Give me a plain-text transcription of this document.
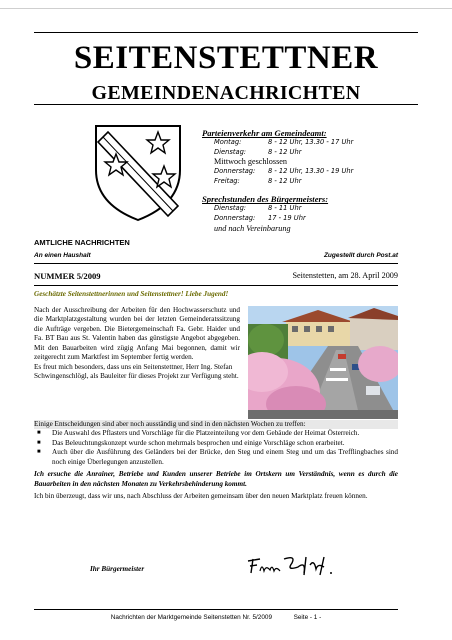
SEITENSTETTNER
GEMEINDENACHRICHTEN
Parteienverkehr am Gemeindeamt:
Montag:	8 - 12 Uhr, 13.30 - 17 Uhr
Dienstag:	8 - 12 Uhr
Mittwoch geschlossen
Donnerstag: 8 - 12 Uhr, 13.30 - 19 Uhr
Freitag:	8 - 12 Uhr
Sprechstunden des Bürgermeisters:
Dienstag:	8 - 11 Uhr
Donnerstag: 17 - 19 Uhr
und nach Vereinbarung
AMTLICHE NACHRICHTEN
An einen Haushalt	Zugestellt durch Post.at
NUMMER 5/2009	Seitenstetten, am 28. April 2009
Geschätzte Seitenstettnerinnen und Seitenstettner! Liebe Jugend!

Nach der Ausschreibung der Arbeiten für den Hochwasserschutz und die Marktplatzgestaltung wurden bei der letzten Gemeinderatssitzung die Aufträge vergeben. Die Bietergemeinschaft Fa. Gebr. Haider und Fa. BT Bau aus St. Valentin haben das günstigste Angebot abgegeben. Mit den Bauarbeiten wird zügig Anfang Mai begonnen, damit wir zeitgerecht zum Marktfest im September fertig werden.

Es freut mich besonders, dass uns ein Seitenstettner, Herr Ing. Stefan Schwingenschlögl, als Bauleiter für dieses Projekt zur Verfügung steht.

Einige Entscheidungen sind aber noch ausständig und sind in den nächsten Wochen zu treffen:

■ Die Auswahl des Pflasters und Vorschläge für die Platzeinteilung vor dem Gebäude der Heimat Österreich.
■ Das Beleuchtungskonzept wurde schon mehrmals besprochen und einige Vorschläge schon erarbeitet.
■ Auch über die Ausführung des Geländers bei der Brücke, den Steg und einem Steg und um das Trefflingbaches sind noch einige Überlegungen anzustellen.

Ich ersuche die Anrainer, Betriebe und Kunden unserer Betriebe im Ortskern um Verständnis, wenn es durch die Bauarbeiten in den nächsten Monaten zu Verkehrsbehinderung kommt.

Ich bin überzeugt, dass wir uns, nach Abschluss der Arbeiten gemeinsam über den neuen Marktplatz freuen können.

Ihr Bürgermeister
Nachrichten der Marktgemeinde Seitenstetten Nr. 5/2009	Seite - 1 -
